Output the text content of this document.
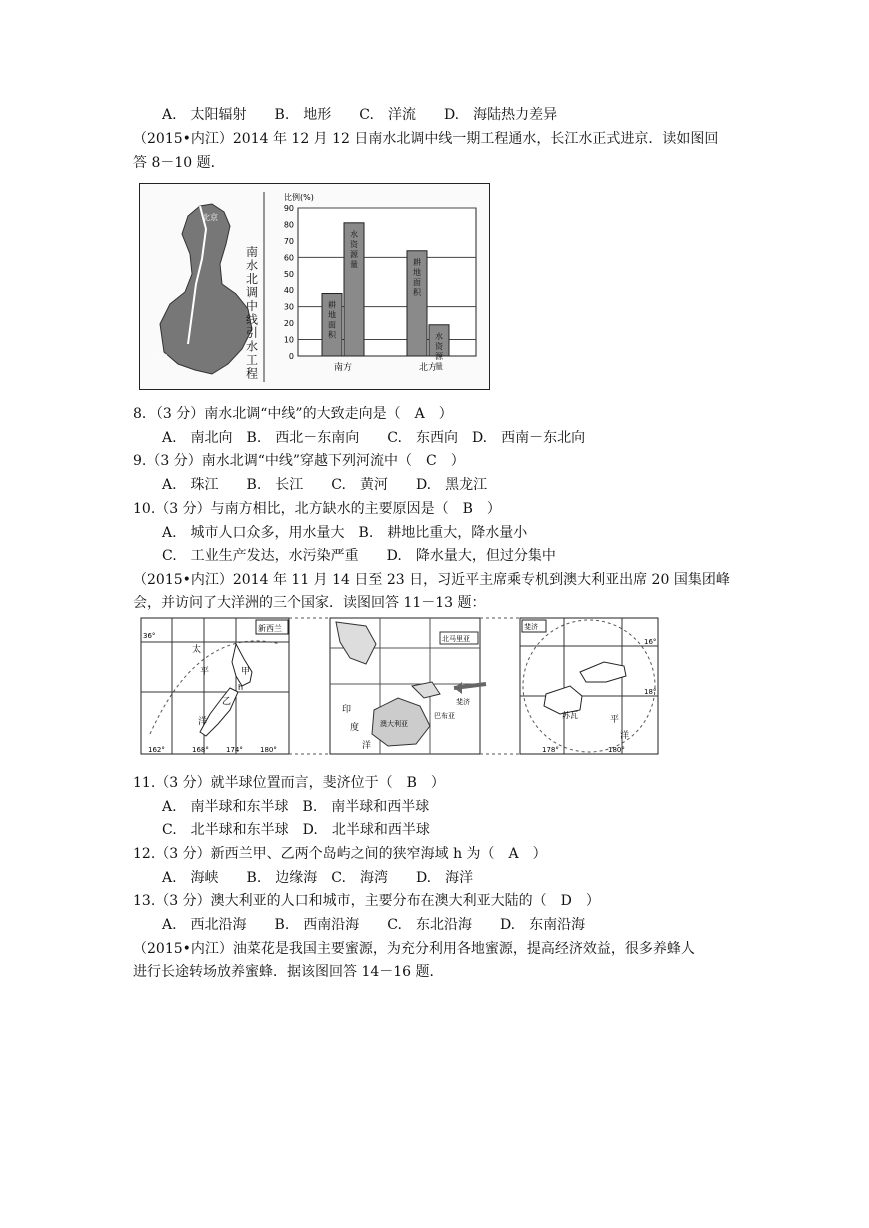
A.　太阳辐射　　B.　地形　　C.　洋流　　D.　海陆热力差异
（2015•内江）2014 年 12 月 12 日南水北调中线一期工程通水，长江水正式进京．读如图回
答 8－10 题．
北京
汉口
南
水
北
调
中
线
引
水
工
程
比例(%)
0
10
20
30
40
50
60
70
80
90
耕
地
面
积
水
资
源
量
南方
耕
地
面
积
水
资
源
量
北方
8．（3 分）南水北调“中线”的大致走向是（　A　）
A.　南北向　B.　西北－东南向　　C.　东西向　D.　西南－东北向
9.（3 分）南水北调“中线”穿越下列河流中（　C　）
A.　珠江　　B.　长江　　C.　黄河　　D.　黑龙江
10.（3 分）与南方相比，北方缺水的主要原因是（　B　）
A.　城市人口众多，用水量大　B.　耕地比重大，降水量小
C.　工业生产发达，水污染严重　　D.　降水量大，但过分集中
（2015•内江）2014 年 11 月 14 日至 23 日，习近平主席乘专机到澳大利亚出席 20 国集团峰
会，并访问了大洋洲的三个国家．读图回答 11－13 题：
新西兰
甲
乙
h
太
平
洋
36°
162°	168° 174° 180°
北马里亚
斐济
巴布亚
澳大利亚
印
度
洋
斐济
苏瓦	平
洋
16°
18°
178°	180°
11.（3 分）就半球位置而言，斐济位于（　B　）
A.　南半球和东半球　B.　南半球和西半球
C.　北半球和东半球　D.　北半球和西半球
12.（3 分）新西兰甲、乙两个岛屿之间的狭窄海域 h 为（　A　）
A.　海峡　　B.　边缘海　C.　海湾　　D.　海洋
13.（3 分）澳大利亚的人口和城市，主要分布在澳大利亚大陆的（　D　）
A.　西北沿海　　B.　西南沿海　　C.　东北沿海　　D.　东南沿海
（2015•内江）油菜花是我国主要蜜源，为充分利用各地蜜源，提高经济效益，很多养蜂人
进行长途转场放养蜜蜂．据该图回答 14－16 题．
